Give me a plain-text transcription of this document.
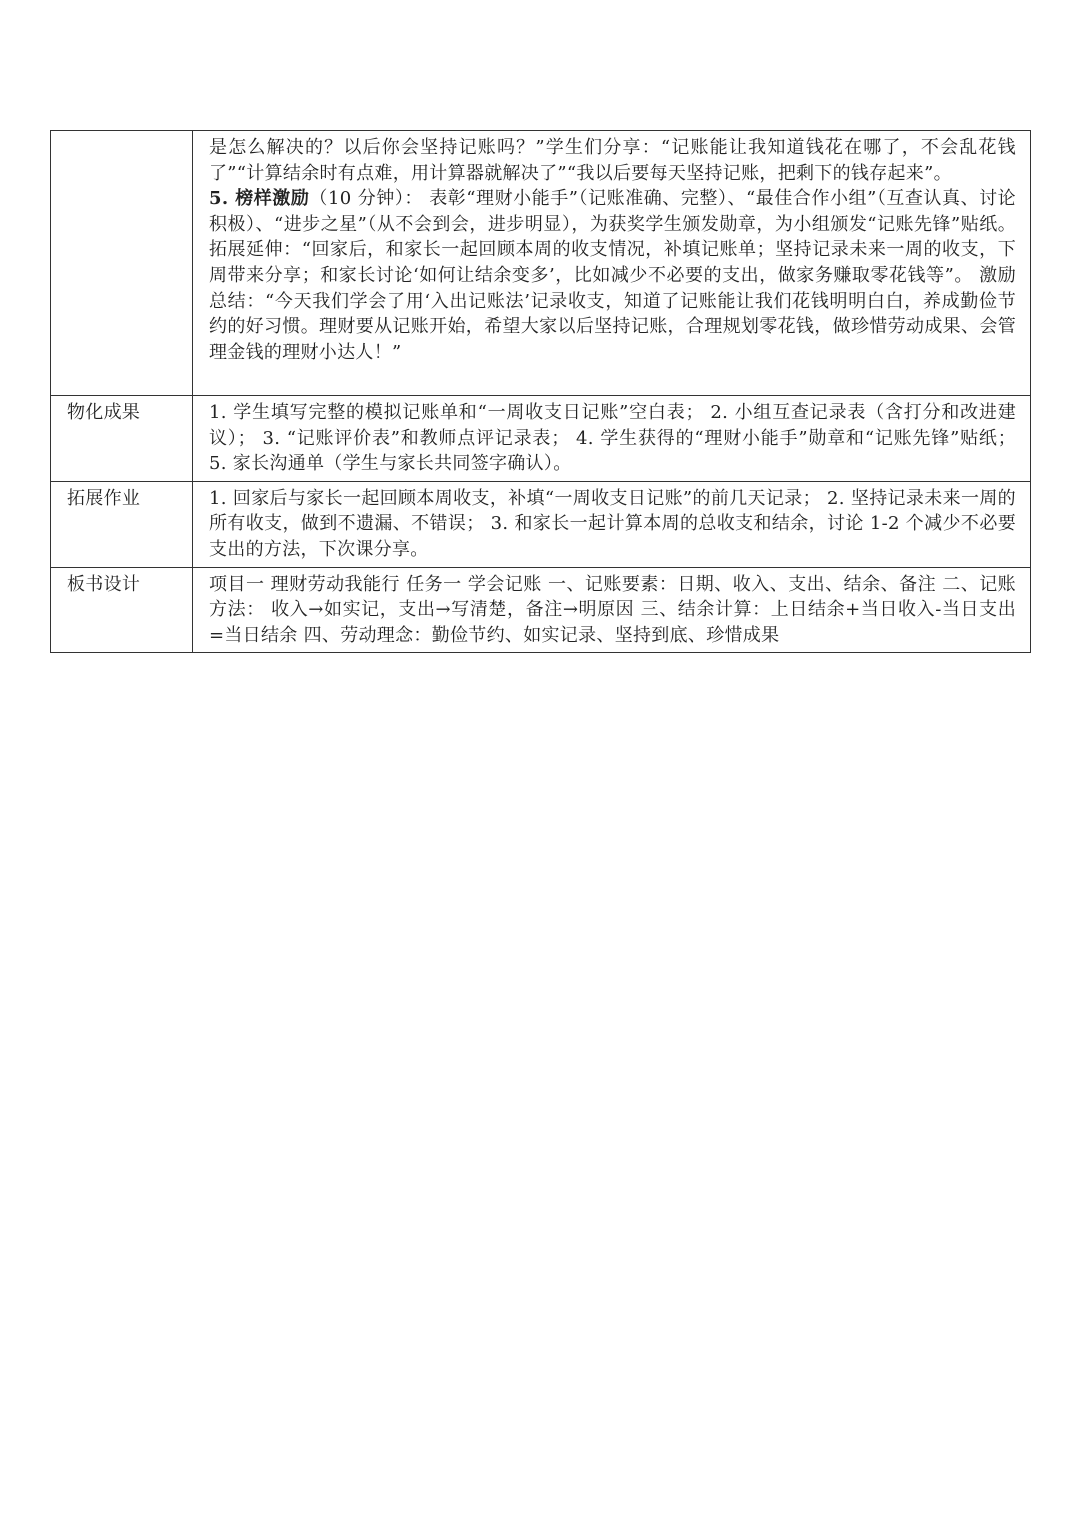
	是怎么解决的？以后你会坚持记账吗？”学生们分享：“记账能让我知道钱花在哪了，不会乱花钱了”“计算结余时有点难，用计算器就解决了”“我以后要每天坚持记账，把剩下的钱存起来”。

5. 榜样激励（10 分钟）： 表彰“理财小能手”（记账准确、完整）、“最佳合作小组”（互查认真、讨论积极）、“进步之星”（从不会到会，进步明显），为获奖学生颁发勋章，为小组颁发“记账先锋”贴纸。 拓展延伸：“回家后，和家长一起回顾本周的收支情况，补填记账单；坚持记录未来一周的收支，下周带来分享；和家长讨论‘如何让结余变多’，比如减少不必要的支出，做家务赚取零花钱等”。 激励总结：“今天我们学会了用‘入出记账法’记录收支，知道了记账能让我们花钱明明白白，养成勤俭节约的好习惯。理财要从记账开始，希望大家以后坚持记账，合理规划零花钱，做珍惜劳动成果、会管理金钱的理财小达人！”

物化成果	1. 学生填写完整的模拟记账单和“一周收支日记账”空白表； 2. 小组互查记录表（含打分和改进建议）； 3. “记账评价表”和教师点评记录表； 4. 学生获得的“理财小能手”勋章和“记账先锋”贴纸； 5. 家长沟通单（学生与家长共同签字确认）。
拓展作业	1. 回家后与家长一起回顾本周收支，补填“一周收支日记账”的前几天记录； 2. 坚持记录未来一周的所有收支，做到不遗漏、不错误； 3. 和家长一起计算本周的总收支和结余，讨论 1-2 个减少不必要支出的方法，下次课分享。
板书设计	项目一 理财劳动我能行 任务一 学会记账 一、记账要素：日期、收入、支出、结余、备注 二、记账方法： 收入→如实记，支出→写清楚，备注→明原因 三、结余计算：上日结余+当日收入-当日支出=当日结余 四、劳动理念：勤俭节约、如实记录、坚持到底、珍惜成果
